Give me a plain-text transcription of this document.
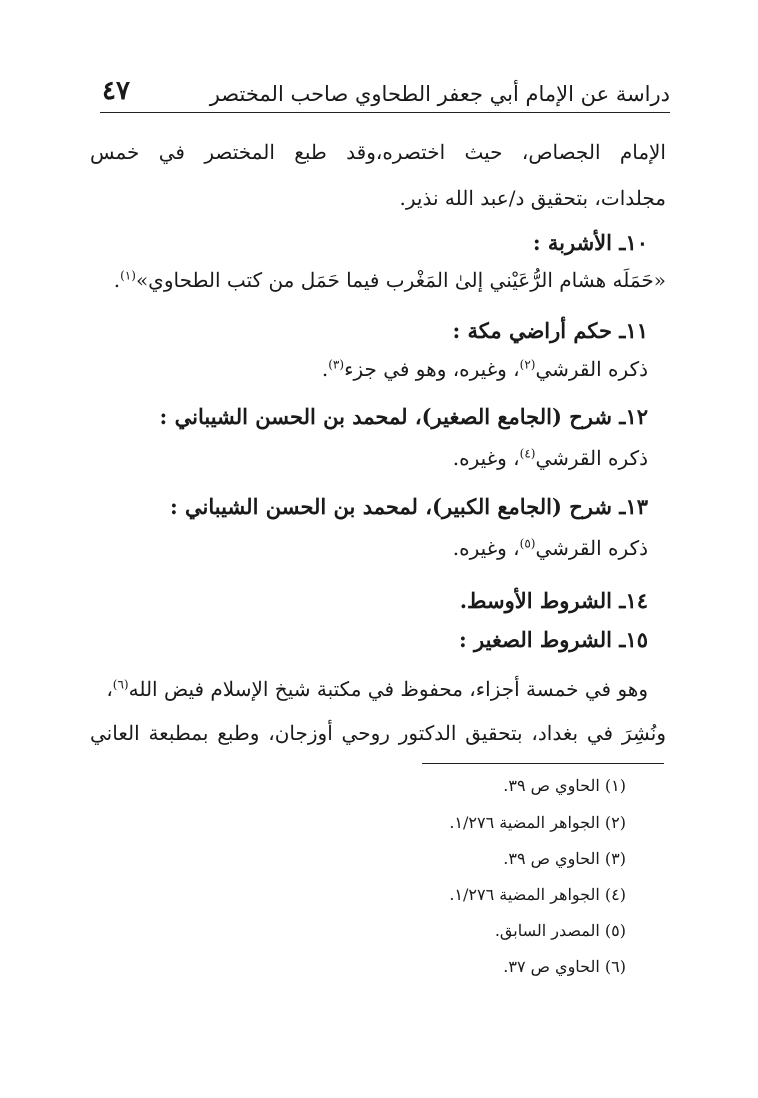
دراسة عن الإمام أبي جعفر الطحاوي صاحب المختصر
٤٧
الإمام الجصاص، حيث اختصره،وقد طبع المختصر في خمس
مجلدات، بتحقيق د/عبد الله نذير.
١٠ـ الأشربة :
«حَمَلَه هشام الرُّعَيْني إلىٰ المَغْرب فيما حَمَل من كتب الطحاوي»$^{(١)}$.
١١ـ حكم أراضي مكة :
ذكره القرشي$^{(٢)}$، وغيره، وهو في جزء$^{(٣)}$.
١٢ـ شرح (الجامع الصغير)، لمحمد بن الحسن الشيباني :
ذكره القرشي$^{(٤)}$، وغيره.
١٣ـ شرح (الجامع الكبير)، لمحمد بن الحسن الشيباني :
ذكره القرشي$^{(٥)}$، وغيره.
١٤ـ الشروط الأوسط.
١٥ـ الشروط الصغير :
وهو في خمسة أجزاء، محفوظ في مكتبة شيخ الإسلام فيض الله$^{(٦)}$،
ونُشِرَ في بغداد، بتحقيق الدكتور روحي أوزجان، وطبع بمطبعة العاني
(١) الحاوي ص ٣٩.
(٢) الجواهر المضية ١/٢٧٦.
(٣) الحاوي ص ٣٩.
(٤) الجواهر المضية ١/٢٧٦.
(٥) المصدر السابق.
(٦) الحاوي ص ٣٧.
